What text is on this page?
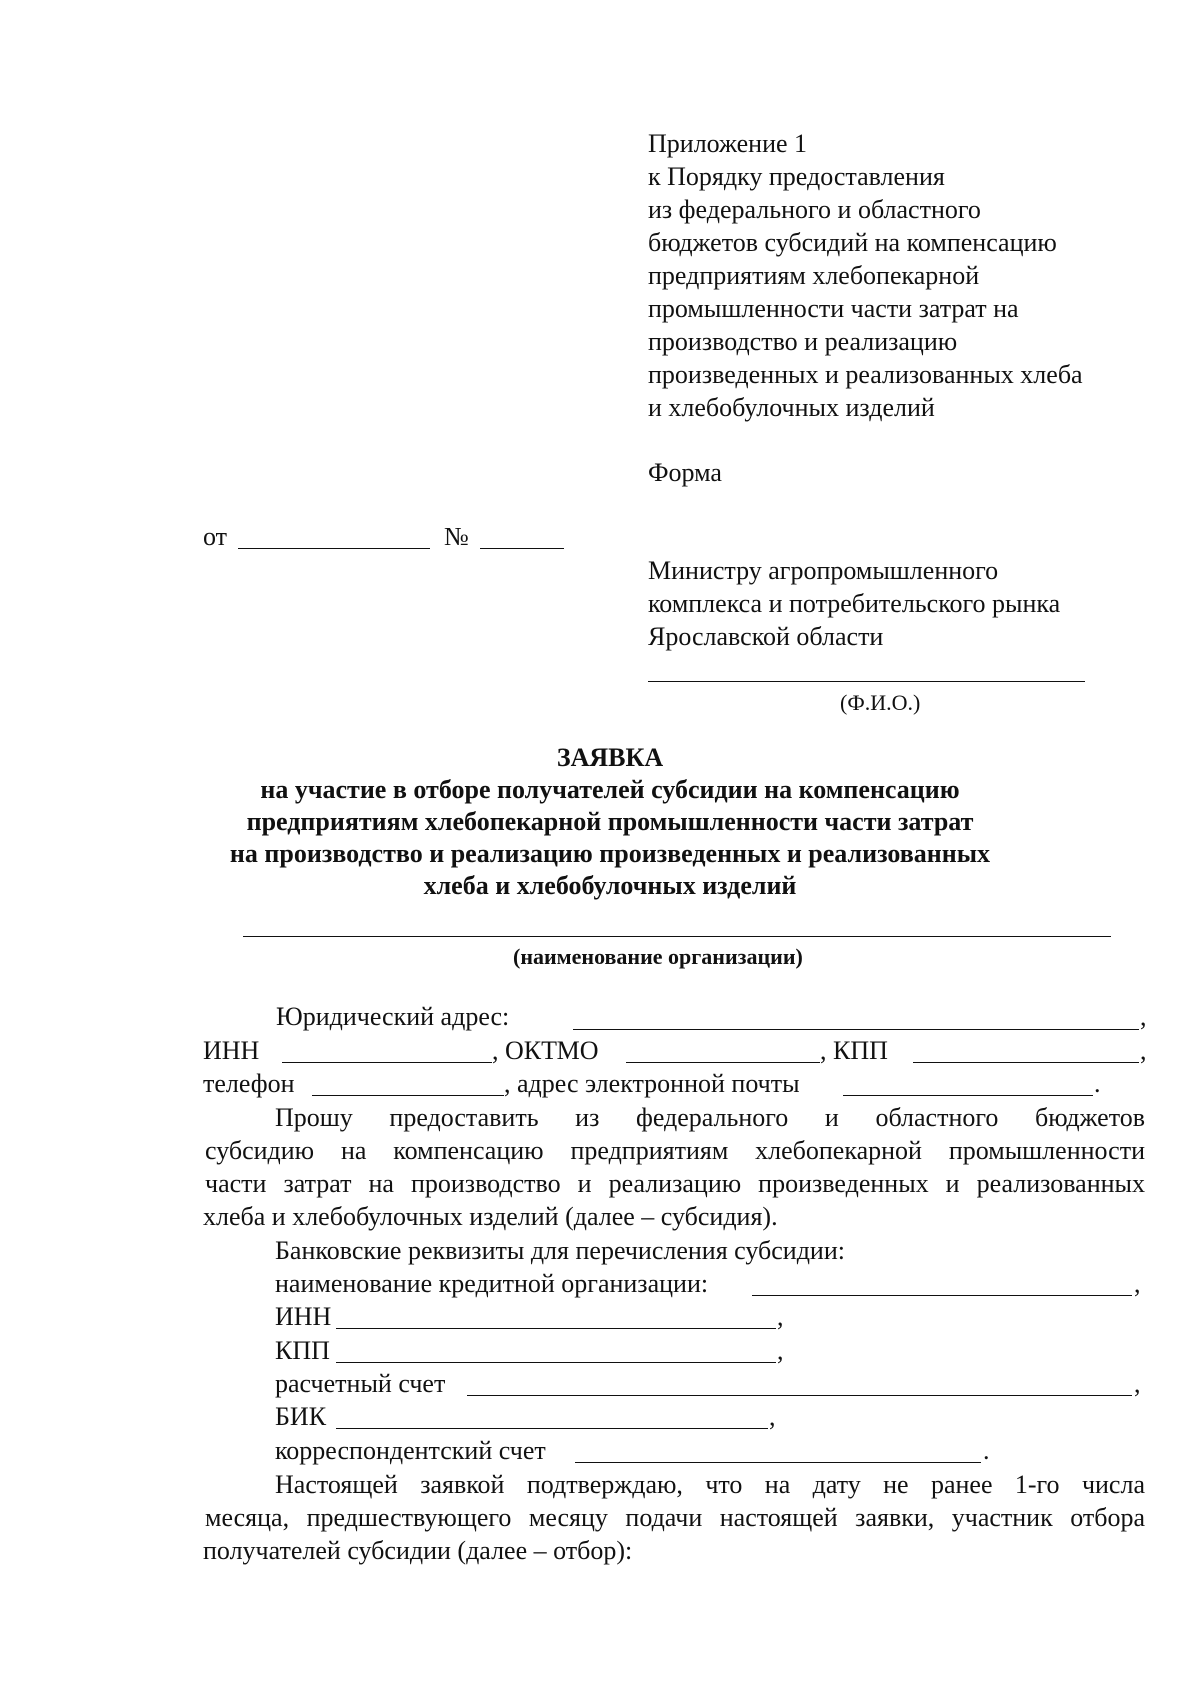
Приложение 1
к Порядку предоставления
из федерального и областного
бюджетов субсидий на компенсацию
предприятиям хлебопекарной
промышленности части затрат на
производство и реализацию
произведенных и реализованных хлеба
и хлебобулочных изделий
Форма
от	№
Министру агропромышленного
комплекса и потребительского рынка
Ярославской области
(Ф.И.О.)
ЗАЯВКА
на участие в отборе получателей субсидии на компенсацию
предприятиям хлебопекарной промышленности части затрат
на производство и реализацию произведенных и реализованных
хлеба и хлебобулочных изделий
(наименование организации)
Юридический адрес:	,
ИНН	, ОКТМО	, КПП	,
телефон	, адрес электронной почты	.
Прошу предоставить из федерального и областного бюджетов
субсидию на компенсацию предприятиям хлебопекарной промышленности
части затрат на производство и реализацию произведенных и реализованных
хлеба и хлебобулочных изделий (далее – субсидия).
Банковские реквизиты для перечисления субсидии:
наименование кредитной организации:	,
ИНН	,
КПП	,
расчетный счет	,
БИК	,
корреспондентский счет	.
Настоящей заявкой подтверждаю, что на дату не ранее 1-го числа
месяца, предшествующего месяцу подачи настоящей заявки, участник отбора
получателей субсидии (далее – отбор):
